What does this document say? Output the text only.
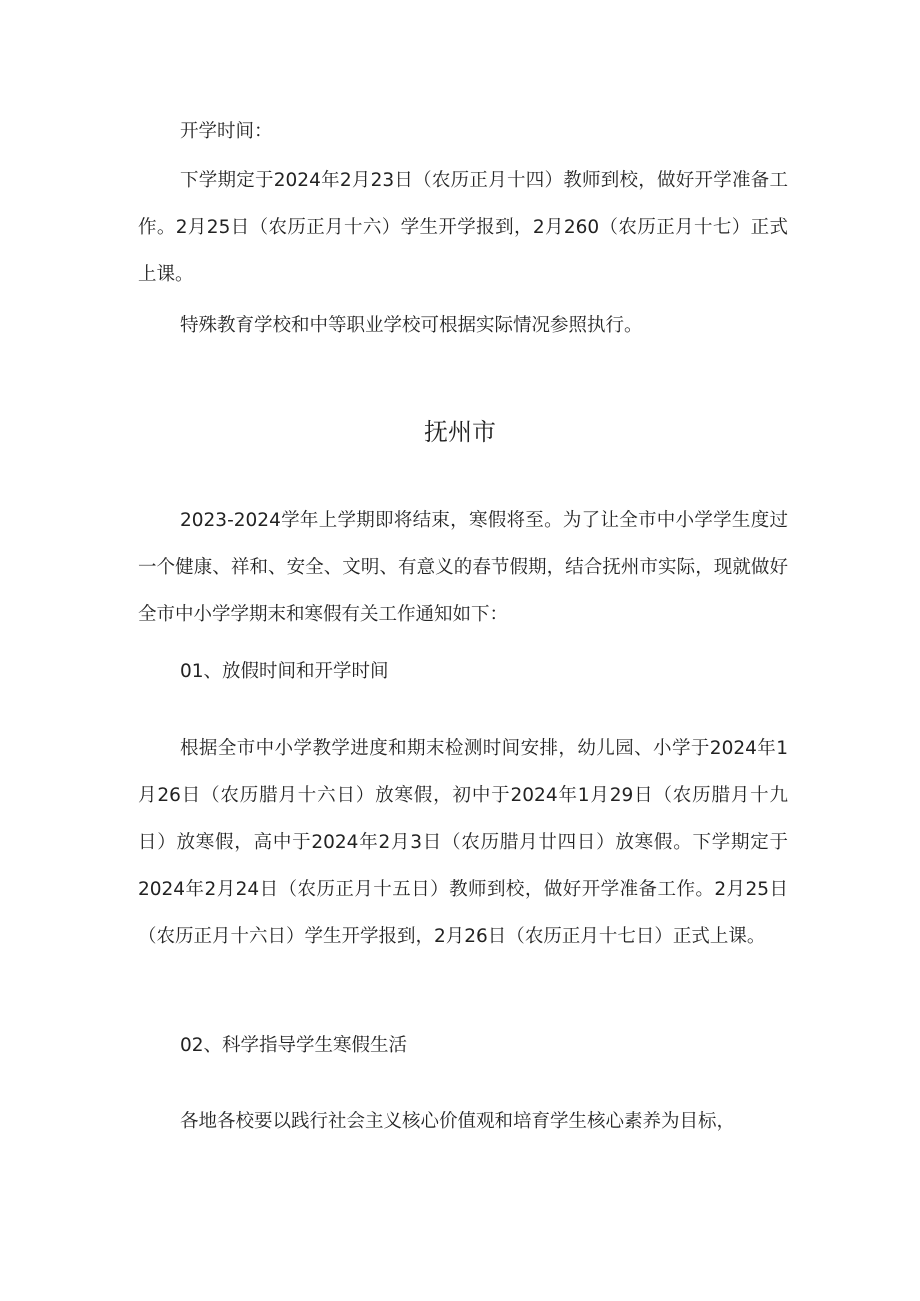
开学时间：
下学期定于2024年2月23日（农历正月十四）教师到校，做好开学准备工作。2月25日（农历正月十六）学生开学报到，2月260（农历正月十七）正式上课。
特殊教育学校和中等职业学校可根据实际情况参照执行。
抚州市
2023-2024学年上学期即将结束，寒假将至。为了让全市中小学学生度过一个健康、祥和、安全、文明、有意义的春节假期，结合抚州市实际，现就做好全市中小学学期末和寒假有关工作通知如下：
01、放假时间和开学时间
根据全市中小学教学进度和期末检测时间安排，幼儿园、小学于2024年1月26日（农历腊月十六日）放寒假，初中于2024年1月29日（农历腊月十九日）放寒假，高中于2024年2月3日（农历腊月廿四日）放寒假。下学期定于2024年2月24日（农历正月十五日）教师到校，做好开学准备工作。2月25日（农历正月十六日）学生开学报到，2月26日（农历正月十七日）正式上课。
02、科学指导学生寒假生活
各地各校要以践行社会主义核心价值观和培育学生核心素养为目标，
